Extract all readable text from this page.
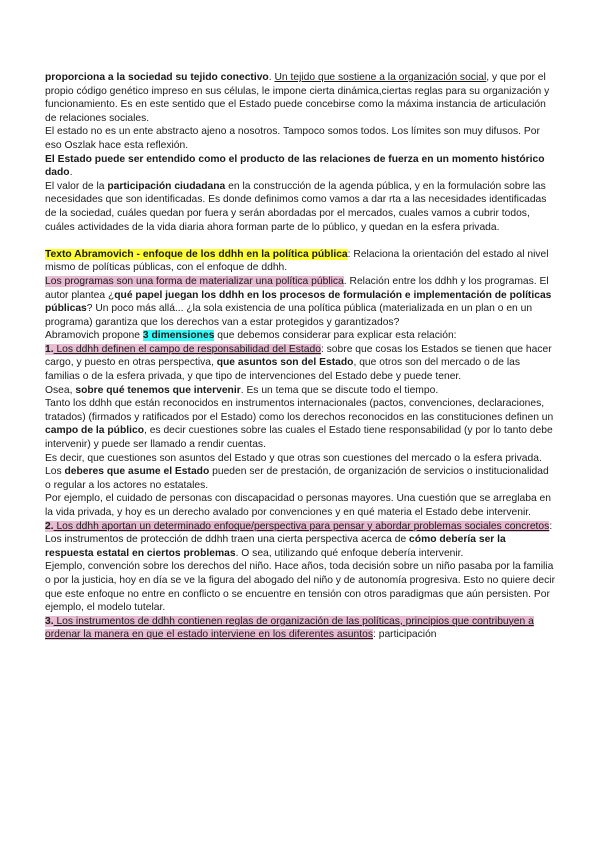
proporciona a la sociedad su tejido conectivo. Un tejido que sostiene a la organización social, y que por el propio código genético impreso en sus células, le impone cierta dinámica,ciertas reglas para su organización y funcionamiento. Es en este sentido que el Estado puede concebirse como la máxima instancia de articulación de relaciones sociales.

El estado no es un ente abstracto ajeno a nosotros. Tampoco somos todos. Los límites son muy difusos. Por eso Oszlak hace esta reflexión.

El Estado puede ser entendido como el producto de las relaciones de fuerza en un momento histórico dado.

El valor de la participación ciudadana en la construcción de la agenda pública, y en la formulación sobre las necesidades que son identificadas. Es donde definimos como vamos a dar rta a las necesidades identificadas de la sociedad, cuáles quedan por fuera y serán abordadas por el mercados, cuales vamos a cubrir todos, cuáles actividades de la vida diaria ahora forman parte de lo público, y quedan en la esfera privada.

Texto Abramovich - enfoque de los ddhh en la política pública: Relaciona la orientación del estado al nivel mismo de políticas públicas, con el enfoque de ddhh.

Los programas son una forma de materializar una política pública. Relación entre los ddhh y los programas. El autor plantea ¿qué papel juegan los ddhh en los procesos de formulación e implementación de políticas públicas? Un poco más allá... ¿la sola existencia de una política pública (materializada en un plan o en un programa) garantiza que los derechos van a estar protegidos y garantizados?

Abramovich propone 3 dimensiones que debemos considerar para explicar esta relación:

1. Los ddhh definen el campo de responsabilidad del Estado: sobre que cosas los Estados se tienen que hacer cargo, y puesto en otras perspectiva, que asuntos son del Estado, que otros son del mercado o de las familias o de la esfera privada, y que tipo de intervenciones del Estado debe y puede tener.

Osea, sobre qué tenemos que intervenir. Es un tema que se discute todo el tiempo.

Tanto los ddhh que están reconocidos en instrumentos internacionales (pactos, convenciones, declaraciones, tratados) (firmados y ratificados por el Estado) como los derechos reconocidos en las constituciones definen un campo de la público, es decir cuestiones sobre las cuales el Estado tiene responsabilidad (y por lo tanto debe intervenir) y puede ser llamado a rendir cuentas.

Es decir, que cuestiones son asuntos del Estado y que otras son cuestiones del mercado o la esfera privada.

Los deberes que asume el Estado pueden ser de prestación, de organización de servicios o institucionalidad o regular a los actores no estatales.

Por ejemplo, el cuidado de personas con discapacidad o personas mayores. Una cuestión que se arreglaba en la vida privada, y hoy es un derecho avalado por convenciones y en qué materia el Estado debe intervenir.

2. Los ddhh aportan un determinado enfoque/perspectiva para pensar y abordar problemas sociales concretos: Los instrumentos de protección de ddhh traen una cierta perspectiva acerca de cómo debería ser la respuesta estatal en ciertos problemas. O sea, utilizando qué enfoque debería intervenir.

Ejemplo, convención sobre los derechos del niño. Hace años, toda decisión sobre un niño pasaba por la familia o por la justicia, hoy en día se ve la figura del abogado del niño y de autonomía progresiva. Esto no quiere decir que este enfoque no entre en conflicto o se encuentre en tensión con otros paradigmas que aún persisten. Por ejemplo, el modelo tutelar.

3. Los instrumentos de ddhh contienen reglas de organización de las políticas, principios que contribuyen a ordenar la manera en que el estado interviene en los diferentes asuntos: participación
